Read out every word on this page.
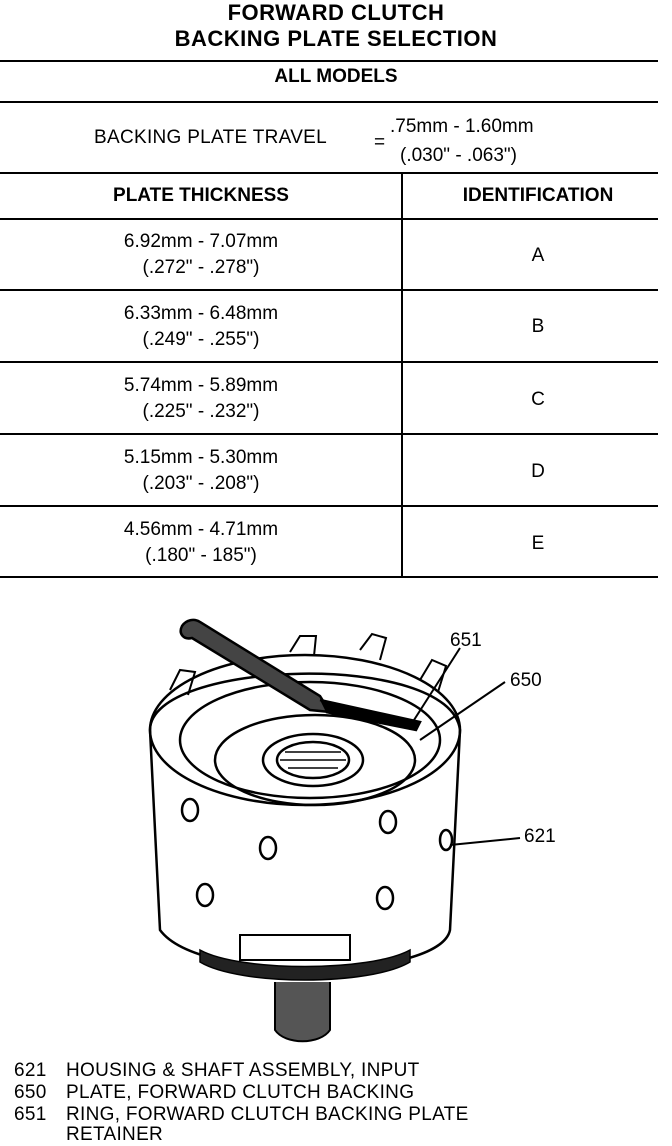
FORWARD CLUTCH
BACKING PLATE SELECTION
ALL MODELS
BACKING PLATE TRAVEL =
.75mm - 1.60mm
(.030" - .063")
PLATE THICKNESS	IDENTIFICATION
6.92mm - 7.07mm
(.272" - .278")
A
6.33mm - 6.48mm
(.249" - .255")
B
5.74mm - 5.89mm
(.225" - .232")
C
5.15mm - 5.30mm
(.203" - .208")
D
4.56mm - 4.71mm
(.180" - 185")
E
651
650
621
621 HOUSING & SHAFT ASSEMBLY, INPUT
650 PLATE, FORWARD CLUTCH BACKING
651 RING, FORWARD CLUTCH BACKING PLATE
RETAINER
